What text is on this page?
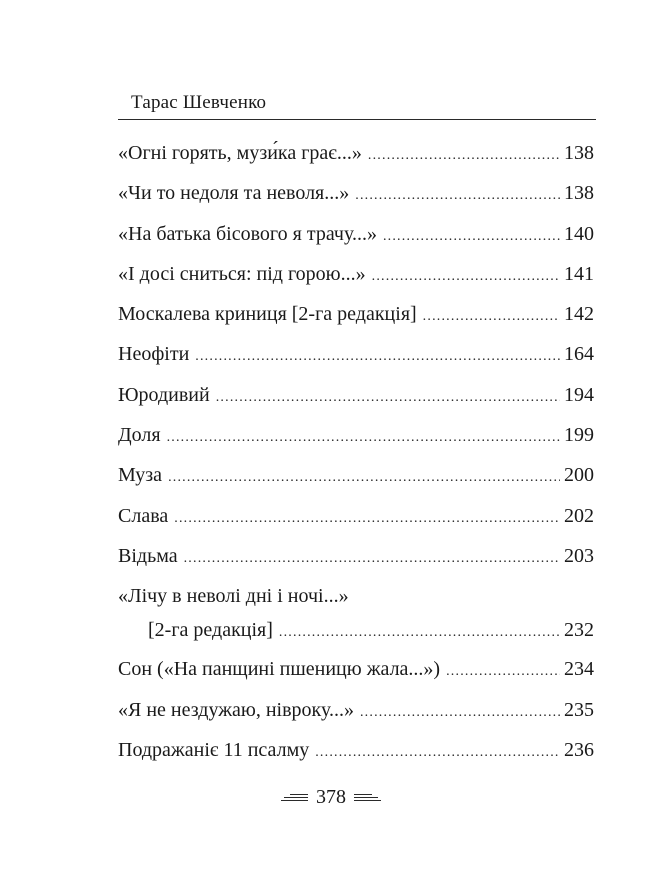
Тарас Шевченко
«Огні горять, музи́ка грає...» .....	138
«Чи то недоля та неволя...» .....	138
«На батька бісового я трачу...» .....	140
«І досі сниться: під горою...» .....	141
Москалева криниця [2-га редакція] .....	142
Неофіти .....	164
Юродивий .....	194
Доля .....	199
Муза .....	200
Слава .....	202
Відьма .....	203
«Лічу в неволі дні і ночі...»
[2-га редакція] .....	232
Сон («На панщині пшеницю жала...») .....	234
«Я не нездужаю, нівроку...» .....	235
Подражаніє 11 псалму .....	236
378
